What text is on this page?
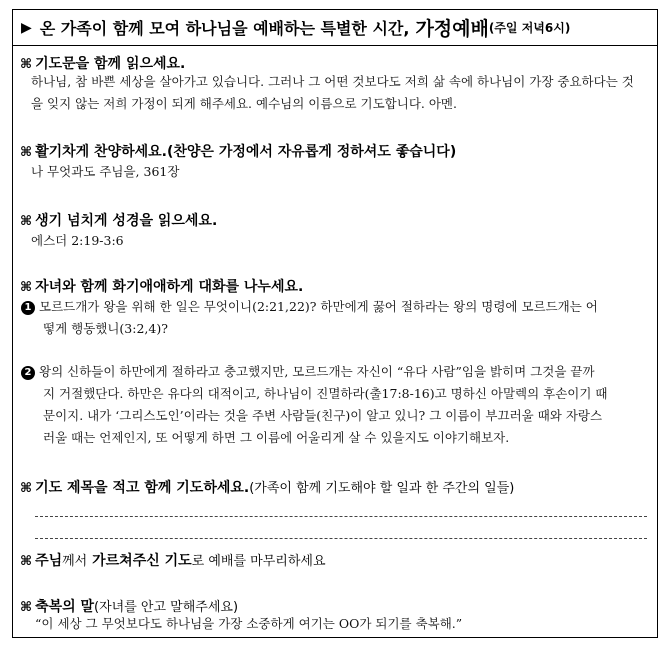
▶ 온 가족이 함께 모여 하나님을 예배하는 특별한 시간, 가정예배 (주일 저녁6시)
⌘ 기도문을 함께 읽으세요.
하나님, 참 바쁜 세상을 살아가고 있습니다. 그러나 그 어떤 것보다도 저희 삶 속에 하나님이 가장 중요하다는 것을 잊지 않는 저희 가정이 되게 해주세요. 예수님의 이름으로 기도합니다. 아멘.
⌘ 활기차게 찬양하세요.(찬양은 가정에서 자유롭게 정하셔도 좋습니다)
나 무엇과도 주님을, 361장
⌘ 생기 넘치게 성경을 읽으세요.
에스더 2:19-3:6
⌘ 자녀와 함께 화기애애하게 대화를 나누세요.
1 모르드개가 왕을 위해 한 일은 무엇이니(2:21,22)? 하만에게 꿇어 절하라는 왕의 명령에 모르드개는 어
떻게 행동했니(3:2,4)?
2 왕의 신하들이 하만에게 절하라고 충고했지만, 모르드개는 자신이 “유다 사람”임을 밝히며 그것을 끝까
지 거절했단다. 하만은 유다의 대적이고, 하나님이 진멸하라(출17:8-16)고 명하신 아말렉의 후손이기 때
문이지. 내가 ‘그리스도인’이라는 것을 주변 사람들(친구)이 알고 있니? 그 이름이 부끄러울 때와 자랑스
러울 때는 언제인지, 또 어떻게 하면 그 이름에 어울리게 살 수 있을지도 이야기해보자.
⌘ 기도 제목을 적고 함께 기도하세요.(가족이 함께 기도해야 할 일과 한 주간의 일들)
⌘ 주님께서 가르쳐주신 기도로 예배를 마무리하세요
⌘ 축복의 말(자녀를 안고 말해주세요)
“이 세상 그 무엇보다도 하나님을 가장 소중하게 여기는 OO가 되기를 축복해.”
